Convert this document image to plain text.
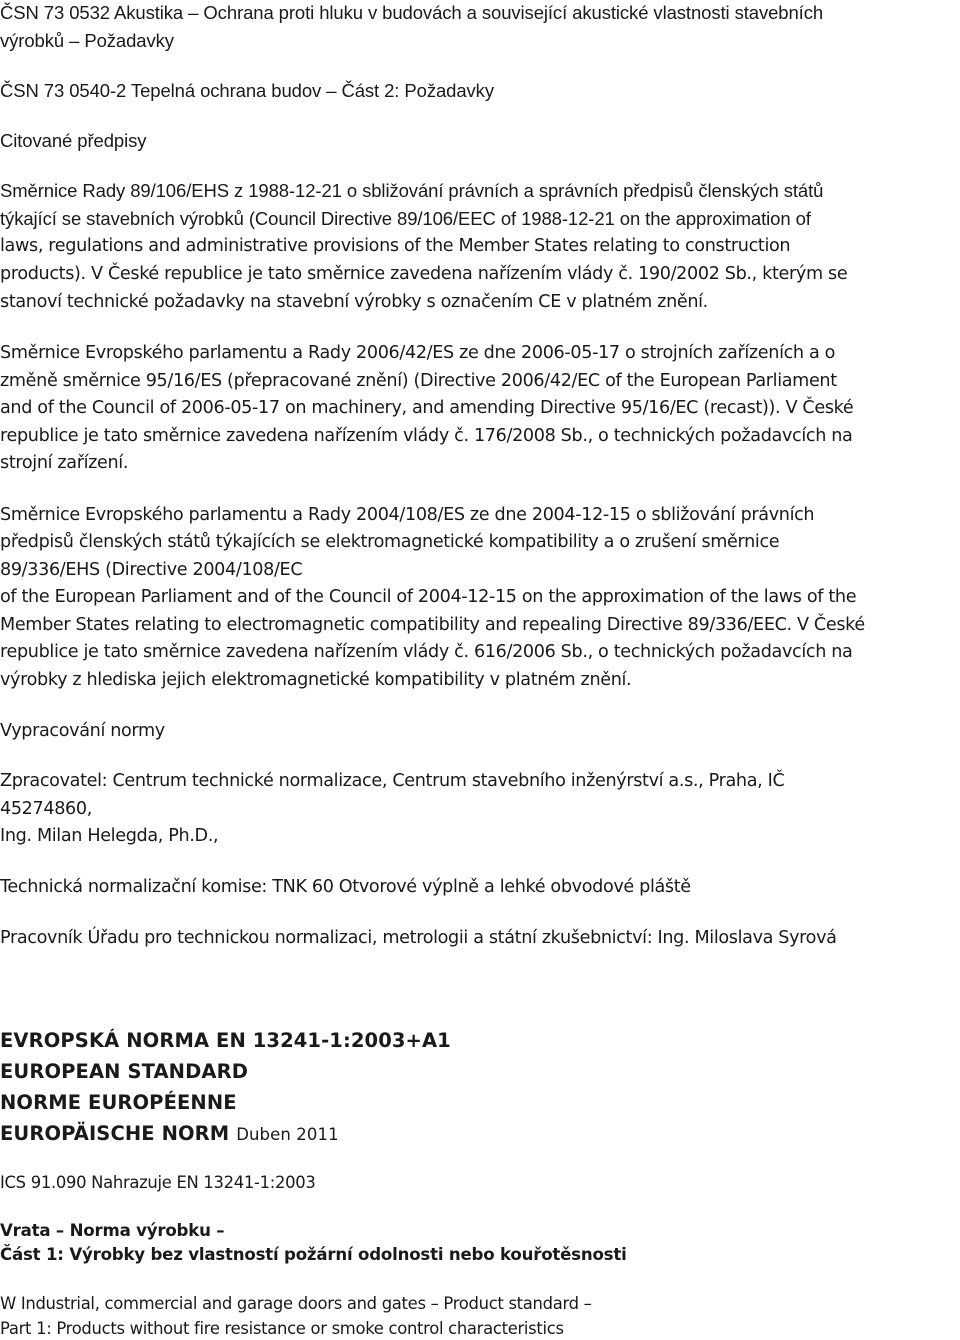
ČSN 73 0532 Akustika – Ochrana proti hluku v budovách a související akustické vlastnosti stavebních
výrobků – Požadavky
ČSN 73 0540-2 Tepelná ochrana budov – Část 2: Požadavky
Citované předpisy
Směrnice Rady 89/106/EHS z 1988-12-21 o sbližování právních a správních předpisů členských států
týkající se stavebních výrobků (Council Directive 89/106/EEC of 1988-12-21 on the approximation of
laws, regulations and administrative provisions of the Member States relating to construction
products). V České republice je tato směrnice zavedena nařízením vlády č. 190/2002 Sb., kterým se
stanoví technické požadavky na stavební výrobky s označením CE v platném znění.
Směrnice Evropského parlamentu a Rady 2006/42/ES ze dne 2006-05-17 o strojních zařízeních a o
změně směrnice 95/16/ES (přepracované znění) (Directive 2006/42/EC of the European Parliament
and of the Council of 2006-05-17 on machinery, and amending Directive 95/16/EC (recast)). V České
republice je tato směrnice zavedena nařízením vlády č. 176/2008 Sb., o technických požadavcích na
strojní zařízení.
Směrnice Evropského parlamentu a Rady 2004/108/ES ze dne 2004-12-15 o sbližování právních
předpisů členských států týkajících se elektromagnetické kompatibility a o zrušení směrnice
89/336/EHS (Directive 2004/108/EC
of the European Parliament and of the Council of 2004-12-15 on the approximation of the laws of the
Member States relating to electromagnetic compatibility and repealing Directive 89/336/EEC. V České
republice je tato směrnice zavedena nařízením vlády č. 616/2006 Sb., o technických požadavcích na
výrobky z hlediska jejich elektromagnetické kompatibility v platném znění.
Vypracování normy
Zpracovatel: Centrum technické normalizace, Centrum stavebního inženýrství a.s., Praha, IČ
45274860,
Ing. Milan Helegda, Ph.D.,
Technická normalizační komise: TNK 60 Otvorové výplně a lehké obvodové pláště
Pracovník Úřadu pro technickou normalizaci, metrologii a státní zkušebnictví: Ing. Miloslava Syrová
EVROPSKÁ NORMA EN 13241-1:2003+A1
EUROPEAN STANDARD
NORME EUROPÉENNE
EUROPÄISCHE NORM Duben 2011
ICS 91.090 Nahrazuje EN 13241-1:2003
Vrata – Norma výrobku –
Část 1: Výrobky bez vlastností požární odolnosti nebo kouřotěsnosti
W Industrial, commercial and garage doors and gates – Product standard –
Part 1: Products without fire resistance or smoke control characteristics
